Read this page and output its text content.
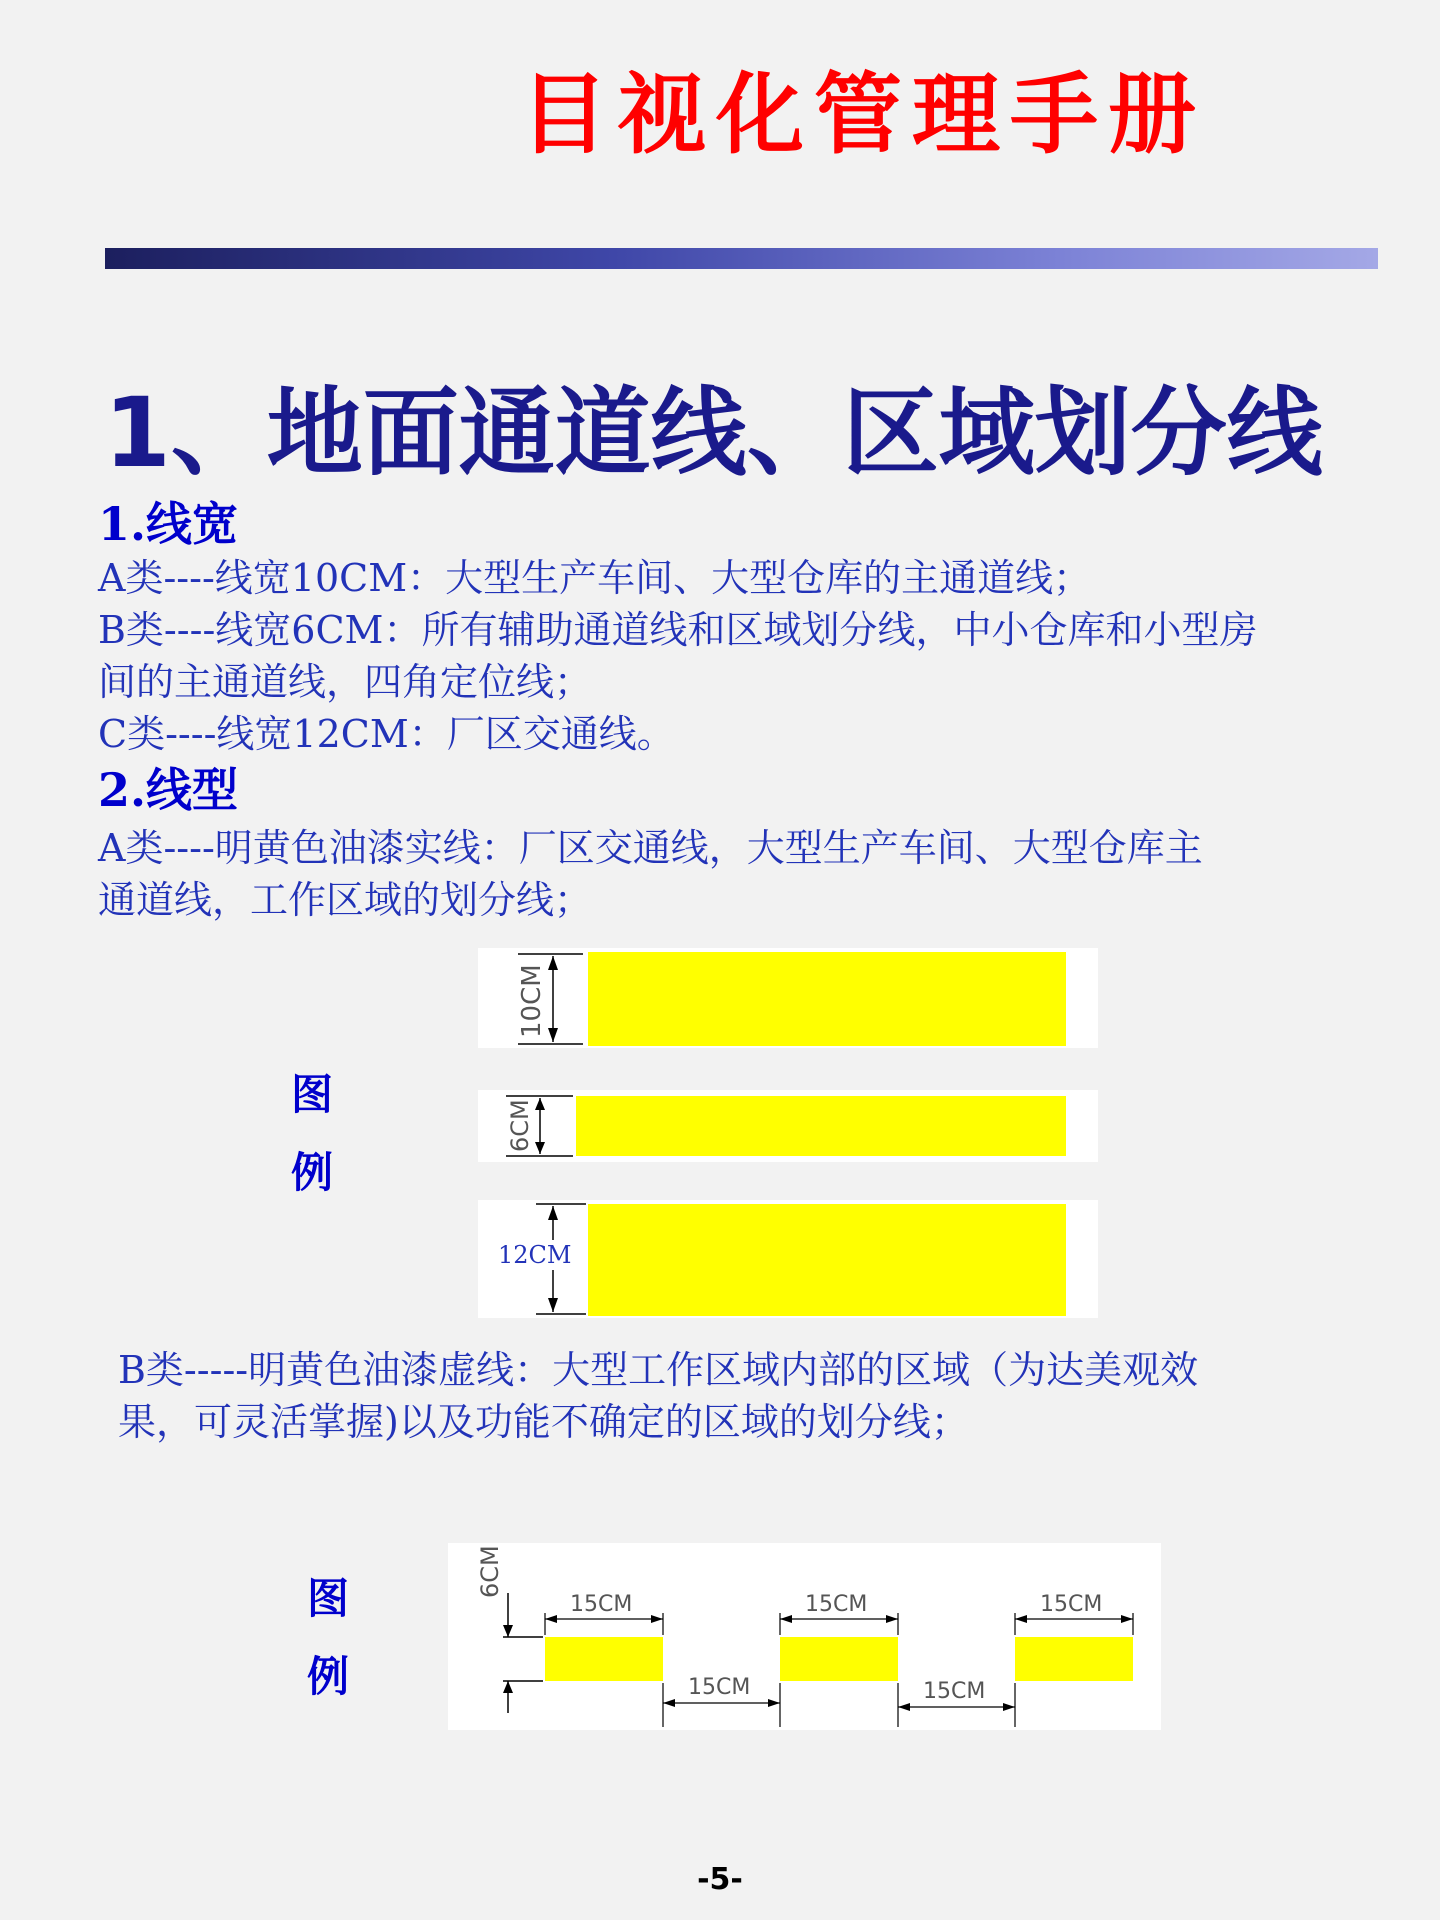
目视化管理手册
1、地面通道线、区域划分线
1.线宽
A类----线宽10CM：大型生产车间、大型仓库的主通道线；
B类----线宽6CM：所有辅助通道线和区域划分线，中小仓库和小型房
间的主通道线，四角定位线；
C类----线宽12CM：厂区交通线。
2.线型
A类----明黄色油漆实线：厂区交通线，大型生产车间、大型仓库主
通道线，工作区域的划分线；
图
例
10CM
6CM
12CM
B类-----明黄色油漆虚线：大型工作区域内部的区域（为达美观效
果，可灵活掌握)以及功能不确定的区域的划分线；
图
例
6CM
15CM	15CM	15CM
15CM	15CM
-5-
